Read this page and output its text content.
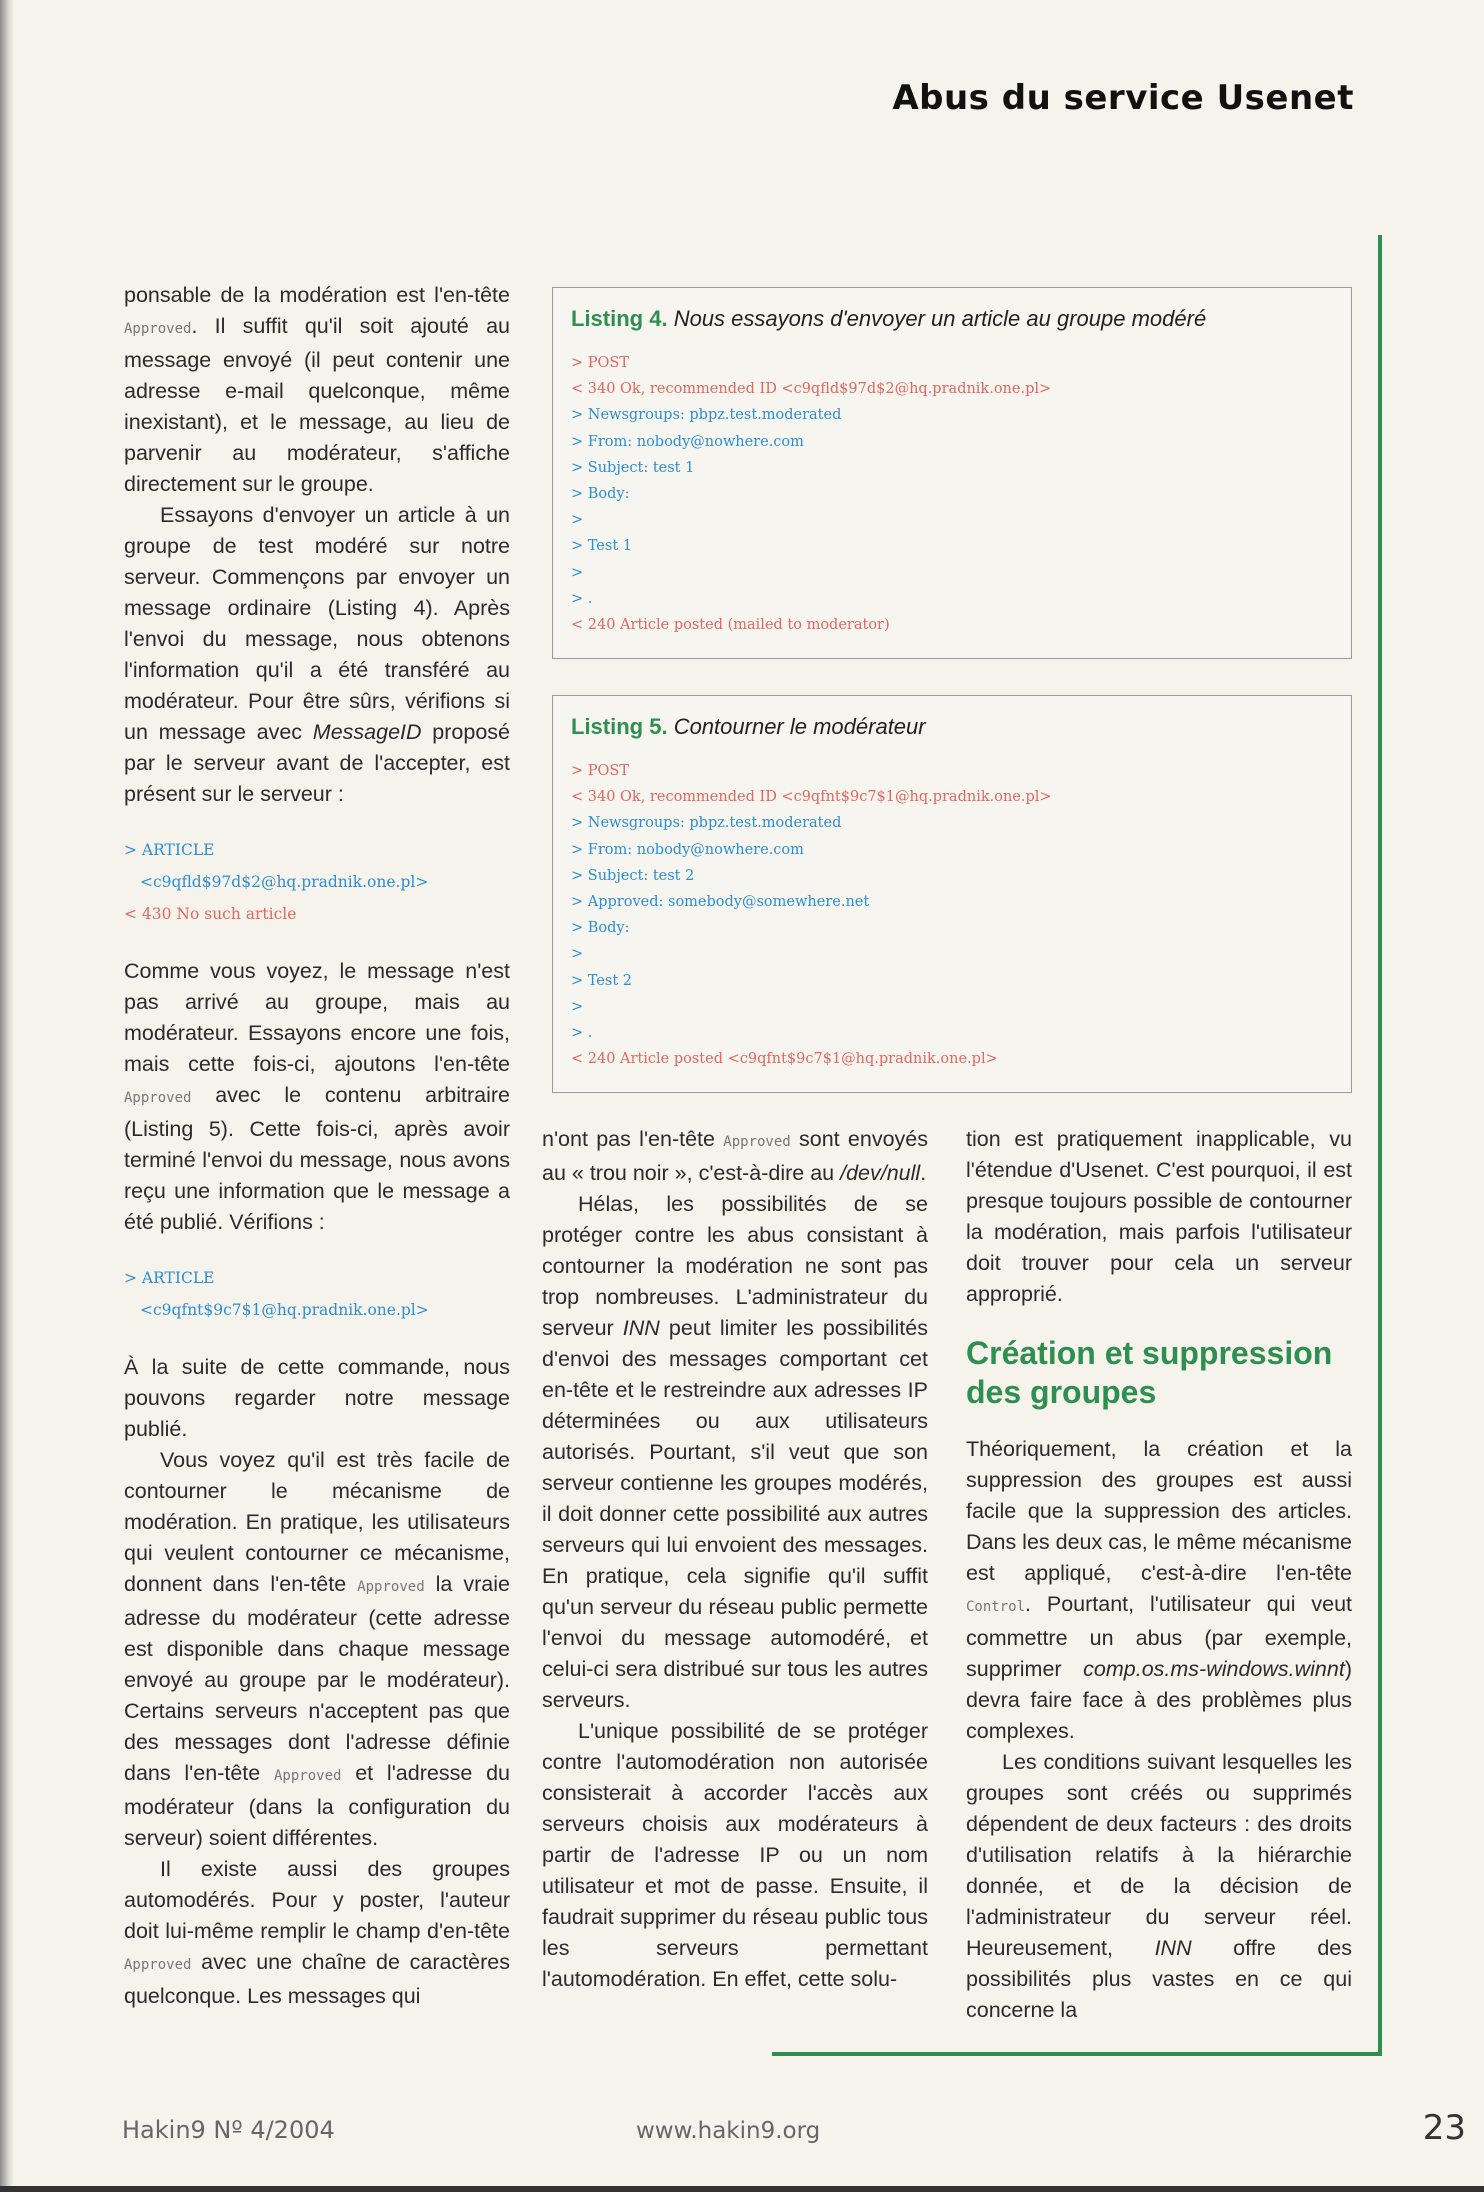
Abus du service Usenet

ponsable de la modération est l'en-tête Approved. Il suffit qu'il soit ajouté au message envoyé (il peut contenir une adresse e-mail quelconque, même inexistant), et le message, au lieu de parvenir au modérateur, s'affiche directement sur le groupe.

Essayons d'envoyer un article à un groupe de test modéré sur notre serveur. Commençons par envoyer un message ordinaire (Listing 4). Après l'envoi du message, nous obtenons l'information qu'il a été transféré au modérateur. Pour être sûrs, vérifions si un message avec MessageID proposé par le serveur avant de l'accepter, est présent sur le serveur :

> ARTICLE
<c9qfld$97d$2@hq.pradnik.one.pl>
< 430 No such article

Comme vous voyez, le message n'est pas arrivé au groupe, mais au modérateur. Essayons encore une fois, mais cette fois-ci, ajoutons l'en-tête Approved avec le contenu arbitraire (Listing 5). Cette fois-ci, après avoir terminé l'envoi du message, nous avons reçu une information que le message a été publié. Vérifions :

> ARTICLE
<c9qfnt$9c7$1@hq.pradnik.one.pl>

À la suite de cette commande, nous pouvons regarder notre message publié.

Vous voyez qu'il est très facile de contourner le mécanisme de modération. En pratique, les utilisateurs qui veulent contourner ce mécanisme, donnent dans l'en-tête Approved la vraie adresse du modérateur (cette adresse est disponible dans chaque message envoyé au groupe par le modérateur). Certains serveurs n'acceptent pas que des messages dont l'adresse définie dans l'en-tête Approved et l'adresse du modérateur (dans la configuration du serveur) soient différentes.

Il existe aussi des groupes automodérés. Pour y poster, l'auteur doit lui-même remplir le champ d'en-tête Approved avec une chaîne de caractères quelconque. Les messages qui

Listing 4. Nous essayons d'envoyer un article au groupe modéré
> POST
< 340 Ok, recommended ID <c9qfld$97d$2@hq.pradnik.one.pl>
> Newsgroups: pbpz.test.moderated
> From: nobody@nowhere.com
> Subject: test 1
> Body:
>
> Test 1
>
> .
< 240 Article posted (mailed to moderator)
Listing 5. Contourner le modérateur
> POST
< 340 Ok, recommended ID <c9qfnt$9c7$1@hq.pradnik.one.pl>
> Newsgroups: pbpz.test.moderated
> From: nobody@nowhere.com
> Subject: test 2
> Approved: somebody@somewhere.net
> Body:
>
> Test 2
>
> .
< 240 Article posted <c9qfnt$9c7$1@hq.pradnik.one.pl>

n'ont pas l'en-tête Approved sont envoyés au « trou noir », c'est-à-dire au /dev/null.

Hélas, les possibilités de se protéger contre les abus consistant à contourner la modération ne sont pas trop nombreuses. L'administrateur du serveur INN peut limiter les possibilités d'envoi des messages comportant cet en-tête et le restreindre aux adresses IP déterminées ou aux utilisateurs autorisés. Pourtant, s'il veut que son serveur contienne les groupes modérés, il doit donner cette possibilité aux autres serveurs qui lui envoient des messages. En pratique, cela signifie qu'il suffit qu'un serveur du réseau public permette l'envoi du message automodéré, et celui-ci sera distribué sur tous les autres serveurs.

L'unique possibilité de se protéger contre l'automodération non autorisée consisterait à accorder l'accès aux serveurs choisis aux modérateurs à partir de l'adresse IP ou un nom utilisateur et mot de passe. Ensuite, il faudrait supprimer du réseau public tous les serveurs permettant l'automodération. En effet, cette solu-

tion est pratiquement inapplicable, vu l'étendue d'Usenet. C'est pourquoi, il est presque toujours possible de contourner la modération, mais parfois l'utilisateur doit trouver pour cela un serveur approprié.

Création et suppression des groupes

Théoriquement, la création et la suppression des groupes est aussi facile que la suppression des articles. Dans les deux cas, le même mécanisme est appliqué, c'est-à-dire l'en-tête Control. Pourtant, l'utilisateur qui veut commettre un abus (par exemple, supprimer comp.os.ms-windows.winnt) devra faire face à des problèmes plus complexes.

Les conditions suivant lesquelles les groupes sont créés ou supprimés dépendent de deux facteurs : des droits d'utilisation relatifs à la hiérarchie donnée, et de la décision de l'administrateur du serveur réel. Heureusement, INN offre des possibilités plus vastes en ce qui concerne la

Hakin9 Nº 4/2004	www.hakin9.org	23
